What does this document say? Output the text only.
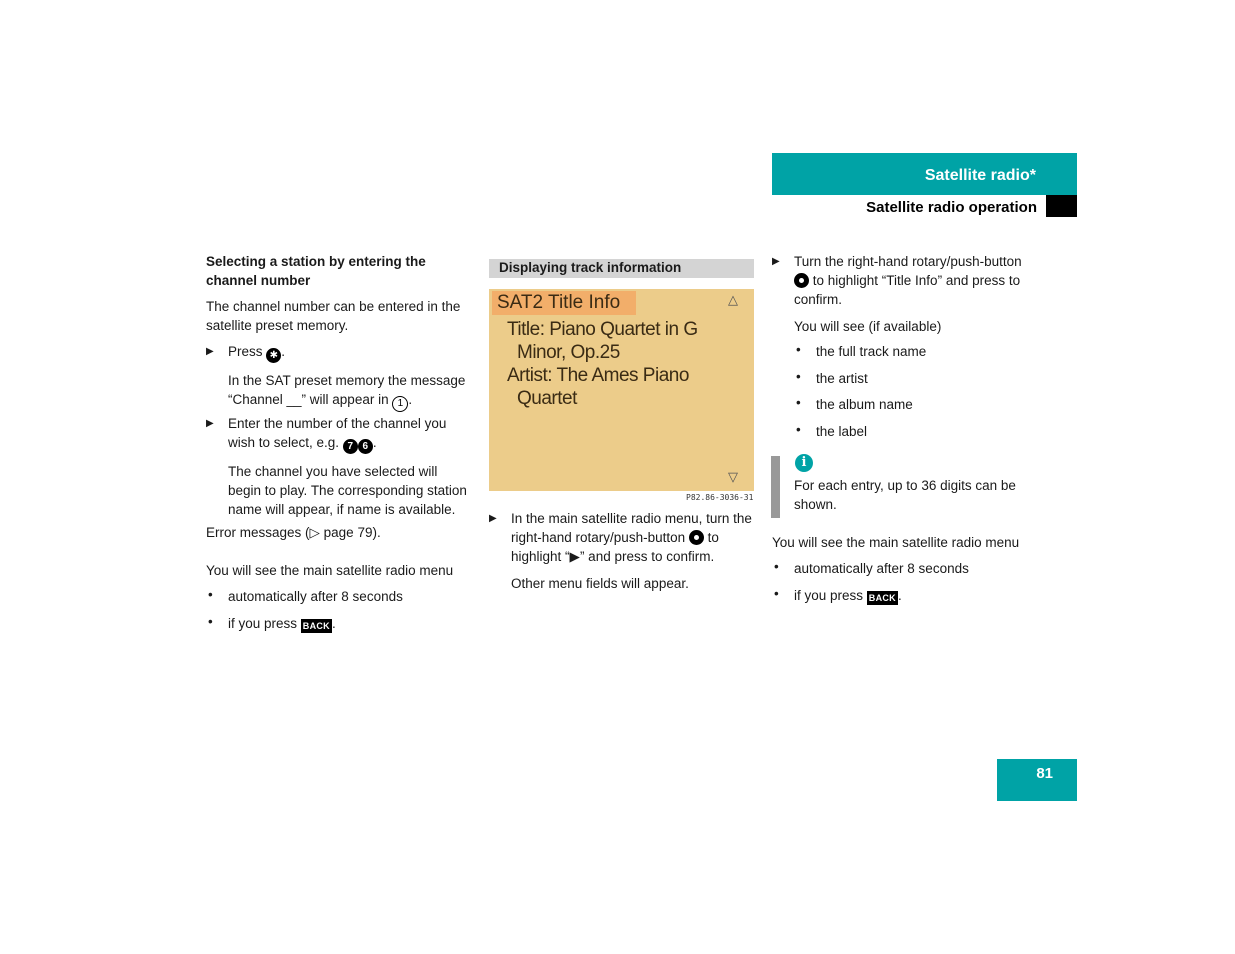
Satellite radio*
Satellite radio operation

Selecting a station by entering the channel number

The channel number can be entered in the satellite preset memory.

▶ Press ✱ .

In the SAT preset memory the message
“Channel __” will appear in 1 .

▶ Enter the number of the channel you wish to select, e.g. 7 6 .

The channel you have selected will begin to play. The corresponding station name will appear, if name is available.

Error messages (▷ page 79).

You will see the main satellite radio menu

• automatically after 8 seconds
• if you press BACK .
Displaying track information
SAT2 Title Info
Title: Piano Quartet in G
Minor, Op.25
Artist: The Ames Piano
Quartet
△
▽
P82.86-3036-31
▶ In the main satellite radio menu, turn the right-hand rotary/push-button  to highlight “▶” and press to confirm.

Other menu fields will appear.

▶ Turn the right-hand rotary/push-button  to highlight “Title Info” and press to confirm.

You will see (if available)

• the full track name
• the artist
• the album name
• the label
i
For each entry, up to 36 digits can be shown.
You will see the main satellite radio menu
• automatically after 8 seconds
• if you press BACK .
81
